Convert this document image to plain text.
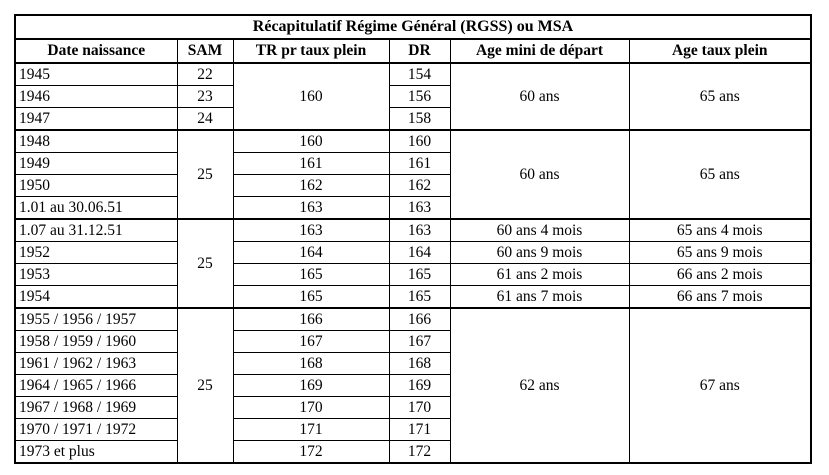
Récapitulatif Régime Général (RGSS) ou MSA					
Date naissance	SAM	TR pr taux plein	DR	Age mini de départ	Age taux plein
1945	22	160	154	60 ans	65 ans
1946	23		156		
1947	24		158		
1948	25	160	160	60 ans	65 ans
1949		161	161		
1950		162	162		
1.01 au 30.06.51		163	163		
1.07 au 31.12.51	25	163	163	60 ans 4 mois	65 ans 4 mois
1952		164	164	60 ans 9 mois	65 ans 9 mois
1953		165	165	61 ans 2 mois	66 ans 2 mois
1954		165	165	61 ans 7 mois	66 ans 7 mois
1955 / 1956 / 1957	25	166	166	62 ans	67 ans
1958 / 1959 / 1960		167	167		
1961 / 1962 / 1963		168	168		
1964 / 1965 / 1966		169	169		
1967 / 1968 / 1969		170	170		
1970 / 1971 / 1972		171	171		
1973 et plus		172	172		
